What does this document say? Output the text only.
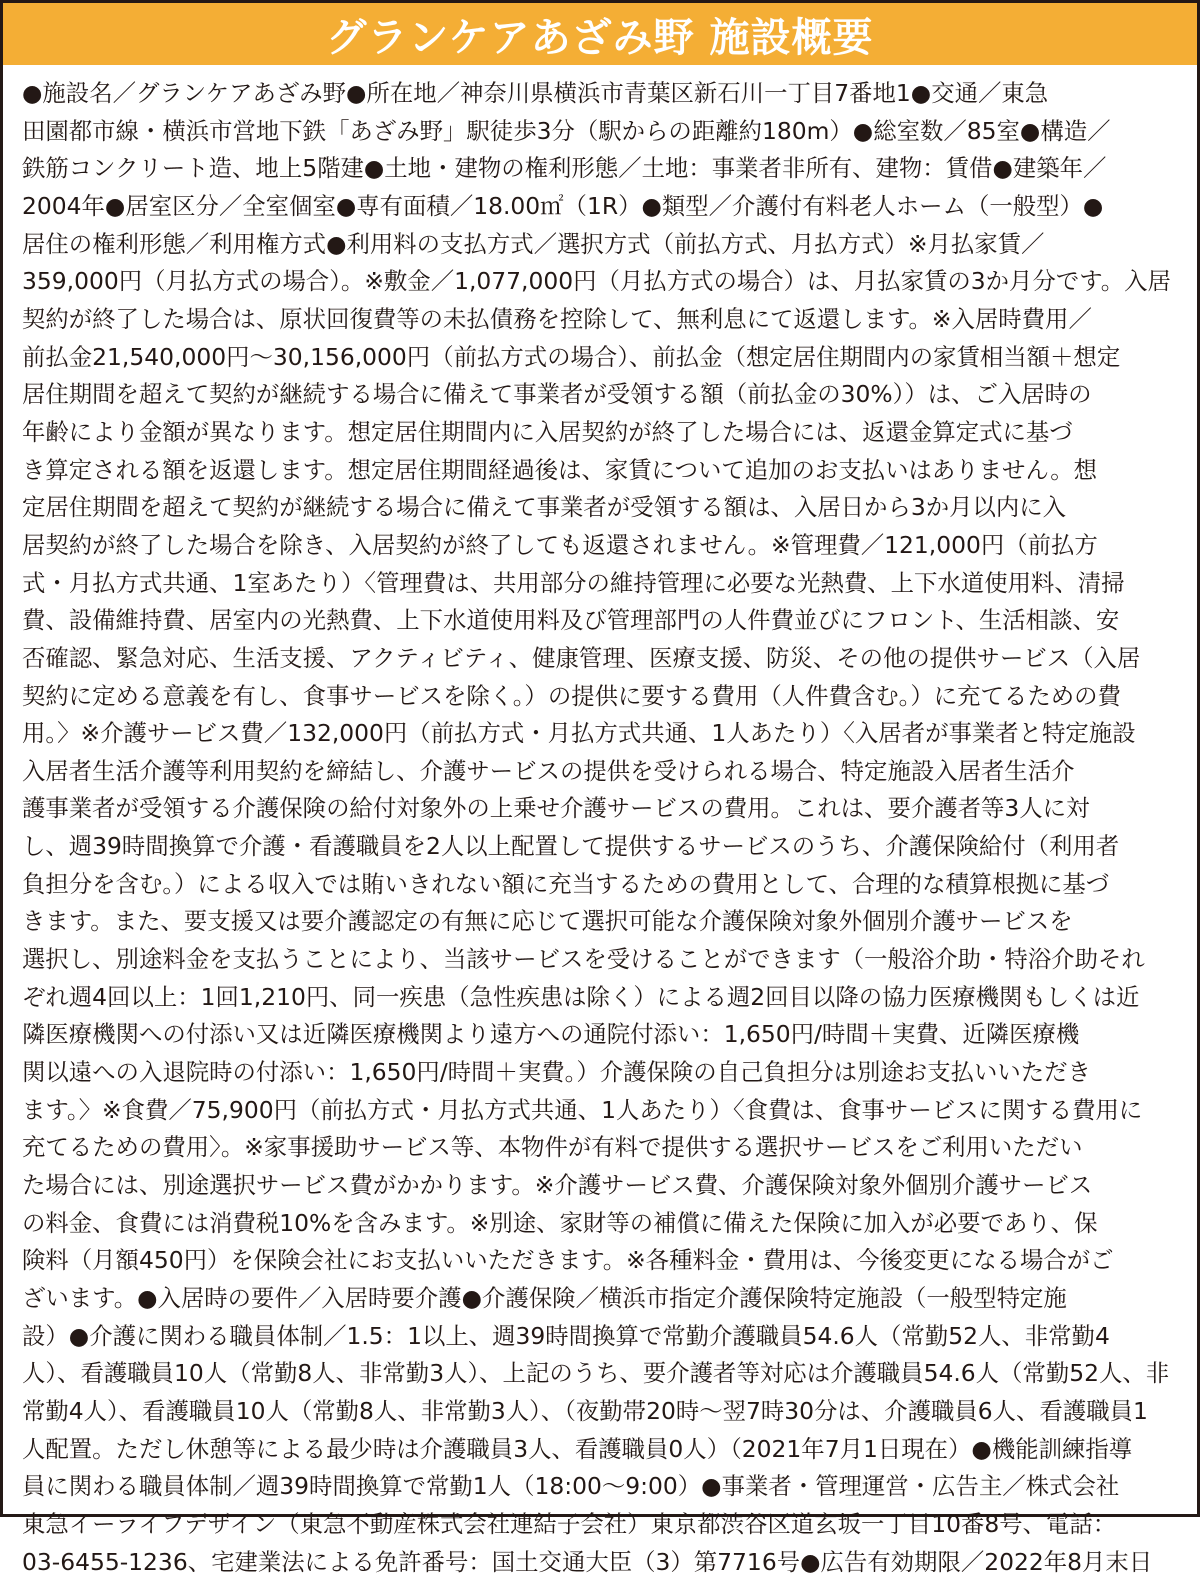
グランケアあざみ野 施設概要

●施設名／グランケアあざみ野●所在地／神奈川県横浜市青葉区新石川一丁目7番地1●交通／東急
田園都市線・横浜市営地下鉄「あざみ野」駅徒歩3分（駅からの距離約180m）●総室数／85室●構造／
鉄筋コンクリート造、地上5階建●土地・建物の権利形態／土地：事業者非所有、建物：賃借●建築年／
2004年●居室区分／全室個室●専有面積／18.00㎡（1R）●類型／介護付有料老人ホーム（一般型）●
居住の権利形態／利用権方式●利用料の支払方式／選択方式（前払方式、月払方式）※月払家賃／
359,000円（月払方式の場合）。※敷金／1,077,000円（月払方式の場合）は、月払家賃の3か月分です。入居
契約が終了した場合は、原状回復費等の未払債務を控除して、無利息にて返還します。※入居時費用／
前払金21,540,000円〜30,156,000円（前払方式の場合）、前払金（想定居住期間内の家賃相当額＋想定
居住期間を超えて契約が継続する場合に備えて事業者が受領する額（前払金の30%））は、ご入居時の
年齢により金額が異なります。想定居住期間内に入居契約が終了した場合には、返還金算定式に基づ
き算定される額を返還します。想定居住期間経過後は、家賃について追加のお支払いはありません。想
定居住期間を超えて契約が継続する場合に備えて事業者が受領する額は、入居日から3か月以内に入
居契約が終了した場合を除き、入居契約が終了しても返還されません。※管理費／121,000円（前払方
式・月払方式共通、1室あたり）〈管理費は、共用部分の維持管理に必要な光熱費、上下水道使用料、清掃
費、設備維持費、居室内の光熱費、上下水道使用料及び管理部門の人件費並びにフロント、生活相談、安
否確認、緊急対応、生活支援、アクティビティ、健康管理、医療支援、防災、その他の提供サービス（入居
契約に定める意義を有し、食事サービスを除く。）の提供に要する費用（人件費含む。）に充てるための費
用。〉※介護サービス費／132,000円（前払方式・月払方式共通、1人あたり）〈入居者が事業者と特定施設
入居者生活介護等利用契約を締結し、介護サービスの提供を受けられる場合、特定施設入居者生活介
護事業者が受領する介護保険の給付対象外の上乗せ介護サービスの費用。これは、要介護者等3人に対
し、週39時間換算で介護・看護職員を2人以上配置して提供するサービスのうち、介護保険給付（利用者
負担分を含む。）による収入では賄いきれない額に充当するための費用として、合理的な積算根拠に基づ
きます。また、要支援又は要介護認定の有無に応じて選択可能な介護保険対象外個別介護サービスを
選択し、別途料金を支払うことにより、当該サービスを受けることができます（一般浴介助・特浴介助それ
ぞれ週4回以上：1回1,210円、同一疾患（急性疾患は除く）による週2回目以降の協力医療機関もしくは近
隣医療機関への付添い又は近隣医療機関より遠方への通院付添い：1,650円/時間＋実費、近隣医療機
関以遠への入退院時の付添い：1,650円/時間＋実費。）介護保険の自己負担分は別途お支払いいただき
ます。〉※食費／75,900円（前払方式・月払方式共通、1人あたり）〈食費は、食事サービスに関する費用に
充てるための費用〉。※家事援助サービス等、本物件が有料で提供する選択サービスをご利用いただい
た場合には、別途選択サービス費がかかります。※介護サービス費、介護保険対象外個別介護サービス
の料金、食費には消費税10%を含みます。※別途、家財等の補償に備えた保険に加入が必要であり、保
険料（月額450円）を保険会社にお支払いいただきます。※各種料金・費用は、今後変更になる場合がご
ざいます。●入居時の要件／入居時要介護●介護保険／横浜市指定介護保険特定施設（一般型特定施
設）●介護に関わる職員体制／1.5：1以上、週39時間換算で常勤介護職員54.6人（常勤52人、非常勤4
人）、看護職員10人（常勤8人、非常勤3人）、上記のうち、要介護者等対応は介護職員54.6人（常勤52人、非
常勤4人）、看護職員10人（常勤8人、非常勤3人）、（夜勤帯20時〜翌7時30分は、介護職員6人、看護職員1
人配置。ただし休憩等による最少時は介護職員3人、看護職員0人）（2021年7月1日現在）●機能訓練指導
員に関わる職員体制／週39時間換算で常勤1人（18:00〜9:00）●事業者・管理運営・広告主／株式会社
東急イーライフデザイン（東急不動産株式会社連結子会社）東京都渋谷区道玄坂一丁目10番8号、電話：
03-6455-1236、宅建業法による免許番号：国土交通大臣（3）第7716号●広告有効期限／2022年8月末日
